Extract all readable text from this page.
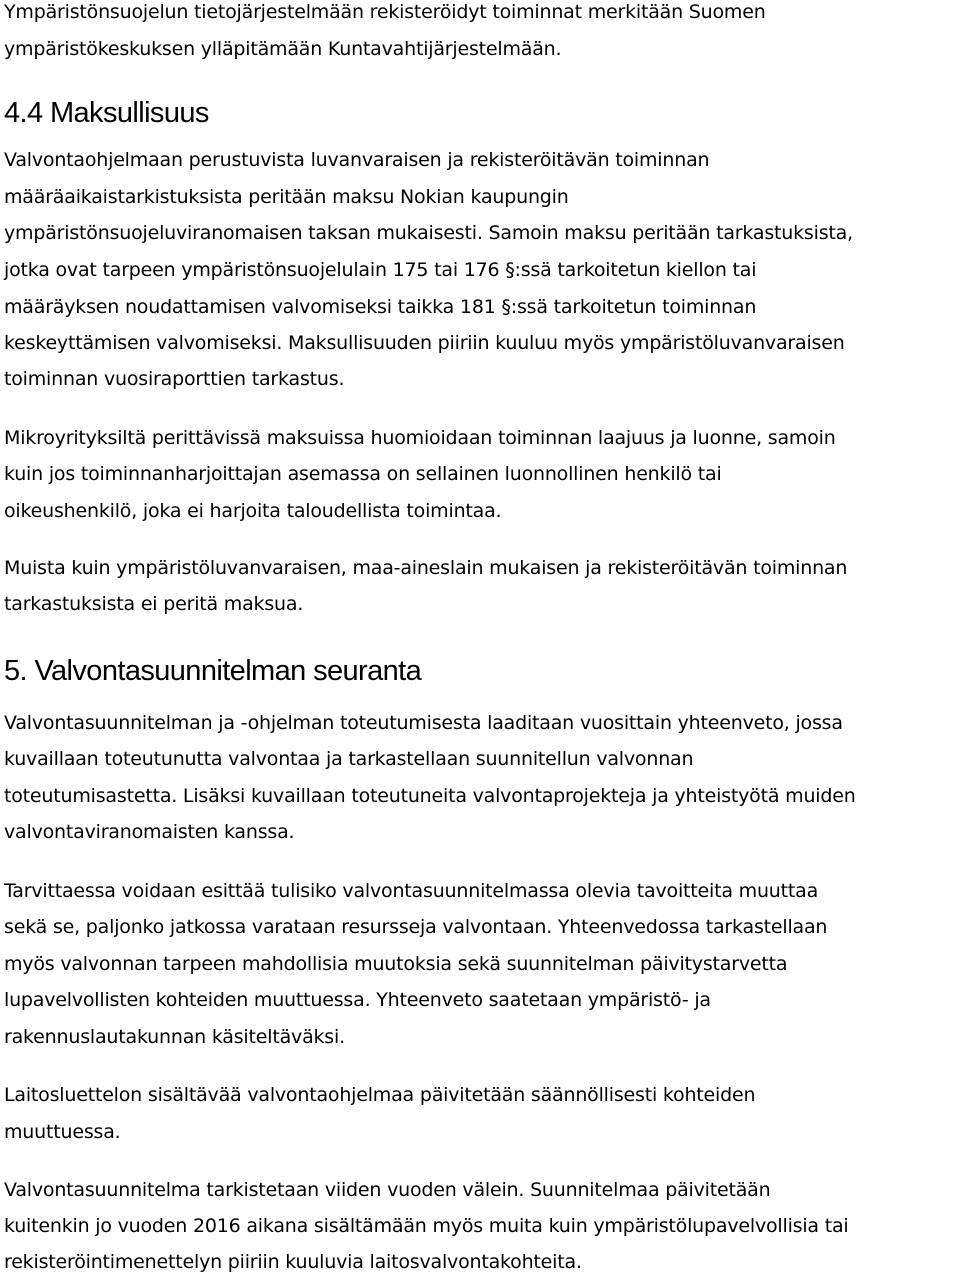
Ympäristönsuojelun tietojärjestelmään rekisteröidyt toiminnat merkitään Suomen
ympäristökeskuksen ylläpitämään Kuntavahtijärjestelmään.
4.4 Maksullisuus
Valvontaohjelmaan perustuvista luvanvaraisen ja rekisteröitävän toiminnan
määräaikaistarkistuksista peritään maksu Nokian kaupungin
ympäristönsuojeluviranomaisen taksan mukaisesti. Samoin maksu peritään tarkastuksista,
jotka ovat tarpeen ympäristönsuojelulain 175 tai 176 §:ssä tarkoitetun kiellon tai
määräyksen noudattamisen valvomiseksi taikka 181 §:ssä tarkoitetun toiminnan
keskeyttämisen valvomiseksi. Maksullisuuden piiriin kuuluu myös ympäristöluvanvaraisen
toiminnan vuosiraporttien tarkastus.
Mikroyrityksiltä perittävissä maksuissa huomioidaan toiminnan laajuus ja luonne, samoin
kuin jos toiminnanharjoittajan asemassa on sellainen luonnollinen henkilö tai
oikeushenkilö, joka ei harjoita taloudellista toimintaa.
Muista kuin ympäristöluvanvaraisen, maa-aineslain mukaisen ja rekisteröitävän toiminnan
tarkastuksista ei peritä maksua.
5. Valvontasuunnitelman seuranta
Valvontasuunnitelman ja -ohjelman toteutumisesta laaditaan vuosittain yhteenveto, jossa
kuvaillaan toteutunutta valvontaa ja tarkastellaan suunnitellun valvonnan
toteutumisastetta. Lisäksi kuvaillaan toteutuneita valvontaprojekteja ja yhteistyötä muiden
valvontaviranomaisten kanssa.
Tarvittaessa voidaan esittää tulisiko valvontasuunnitelmassa olevia tavoitteita muuttaa
sekä se, paljonko jatkossa varataan resursseja valvontaan. Yhteenvedossa tarkastellaan
myös valvonnan tarpeen mahdollisia muutoksia sekä suunnitelman päivitystarvetta
lupavelvollisten kohteiden muuttuessa. Yhteenveto saatetaan ympäristö- ja
rakennuslautakunnan käsiteltäväksi.
Laitosluettelon sisältävää valvontaohjelmaa päivitetään säännöllisesti kohteiden
muuttuessa.
Valvontasuunnitelma tarkistetaan viiden vuoden välein. Suunnitelmaa päivitetään
kuitenkin jo vuoden 2016 aikana sisältämään myös muita kuin ympäristölupavelvollisia tai
rekisteröintimenettelyn piiriin kuuluvia laitosvalvontakohteita.
